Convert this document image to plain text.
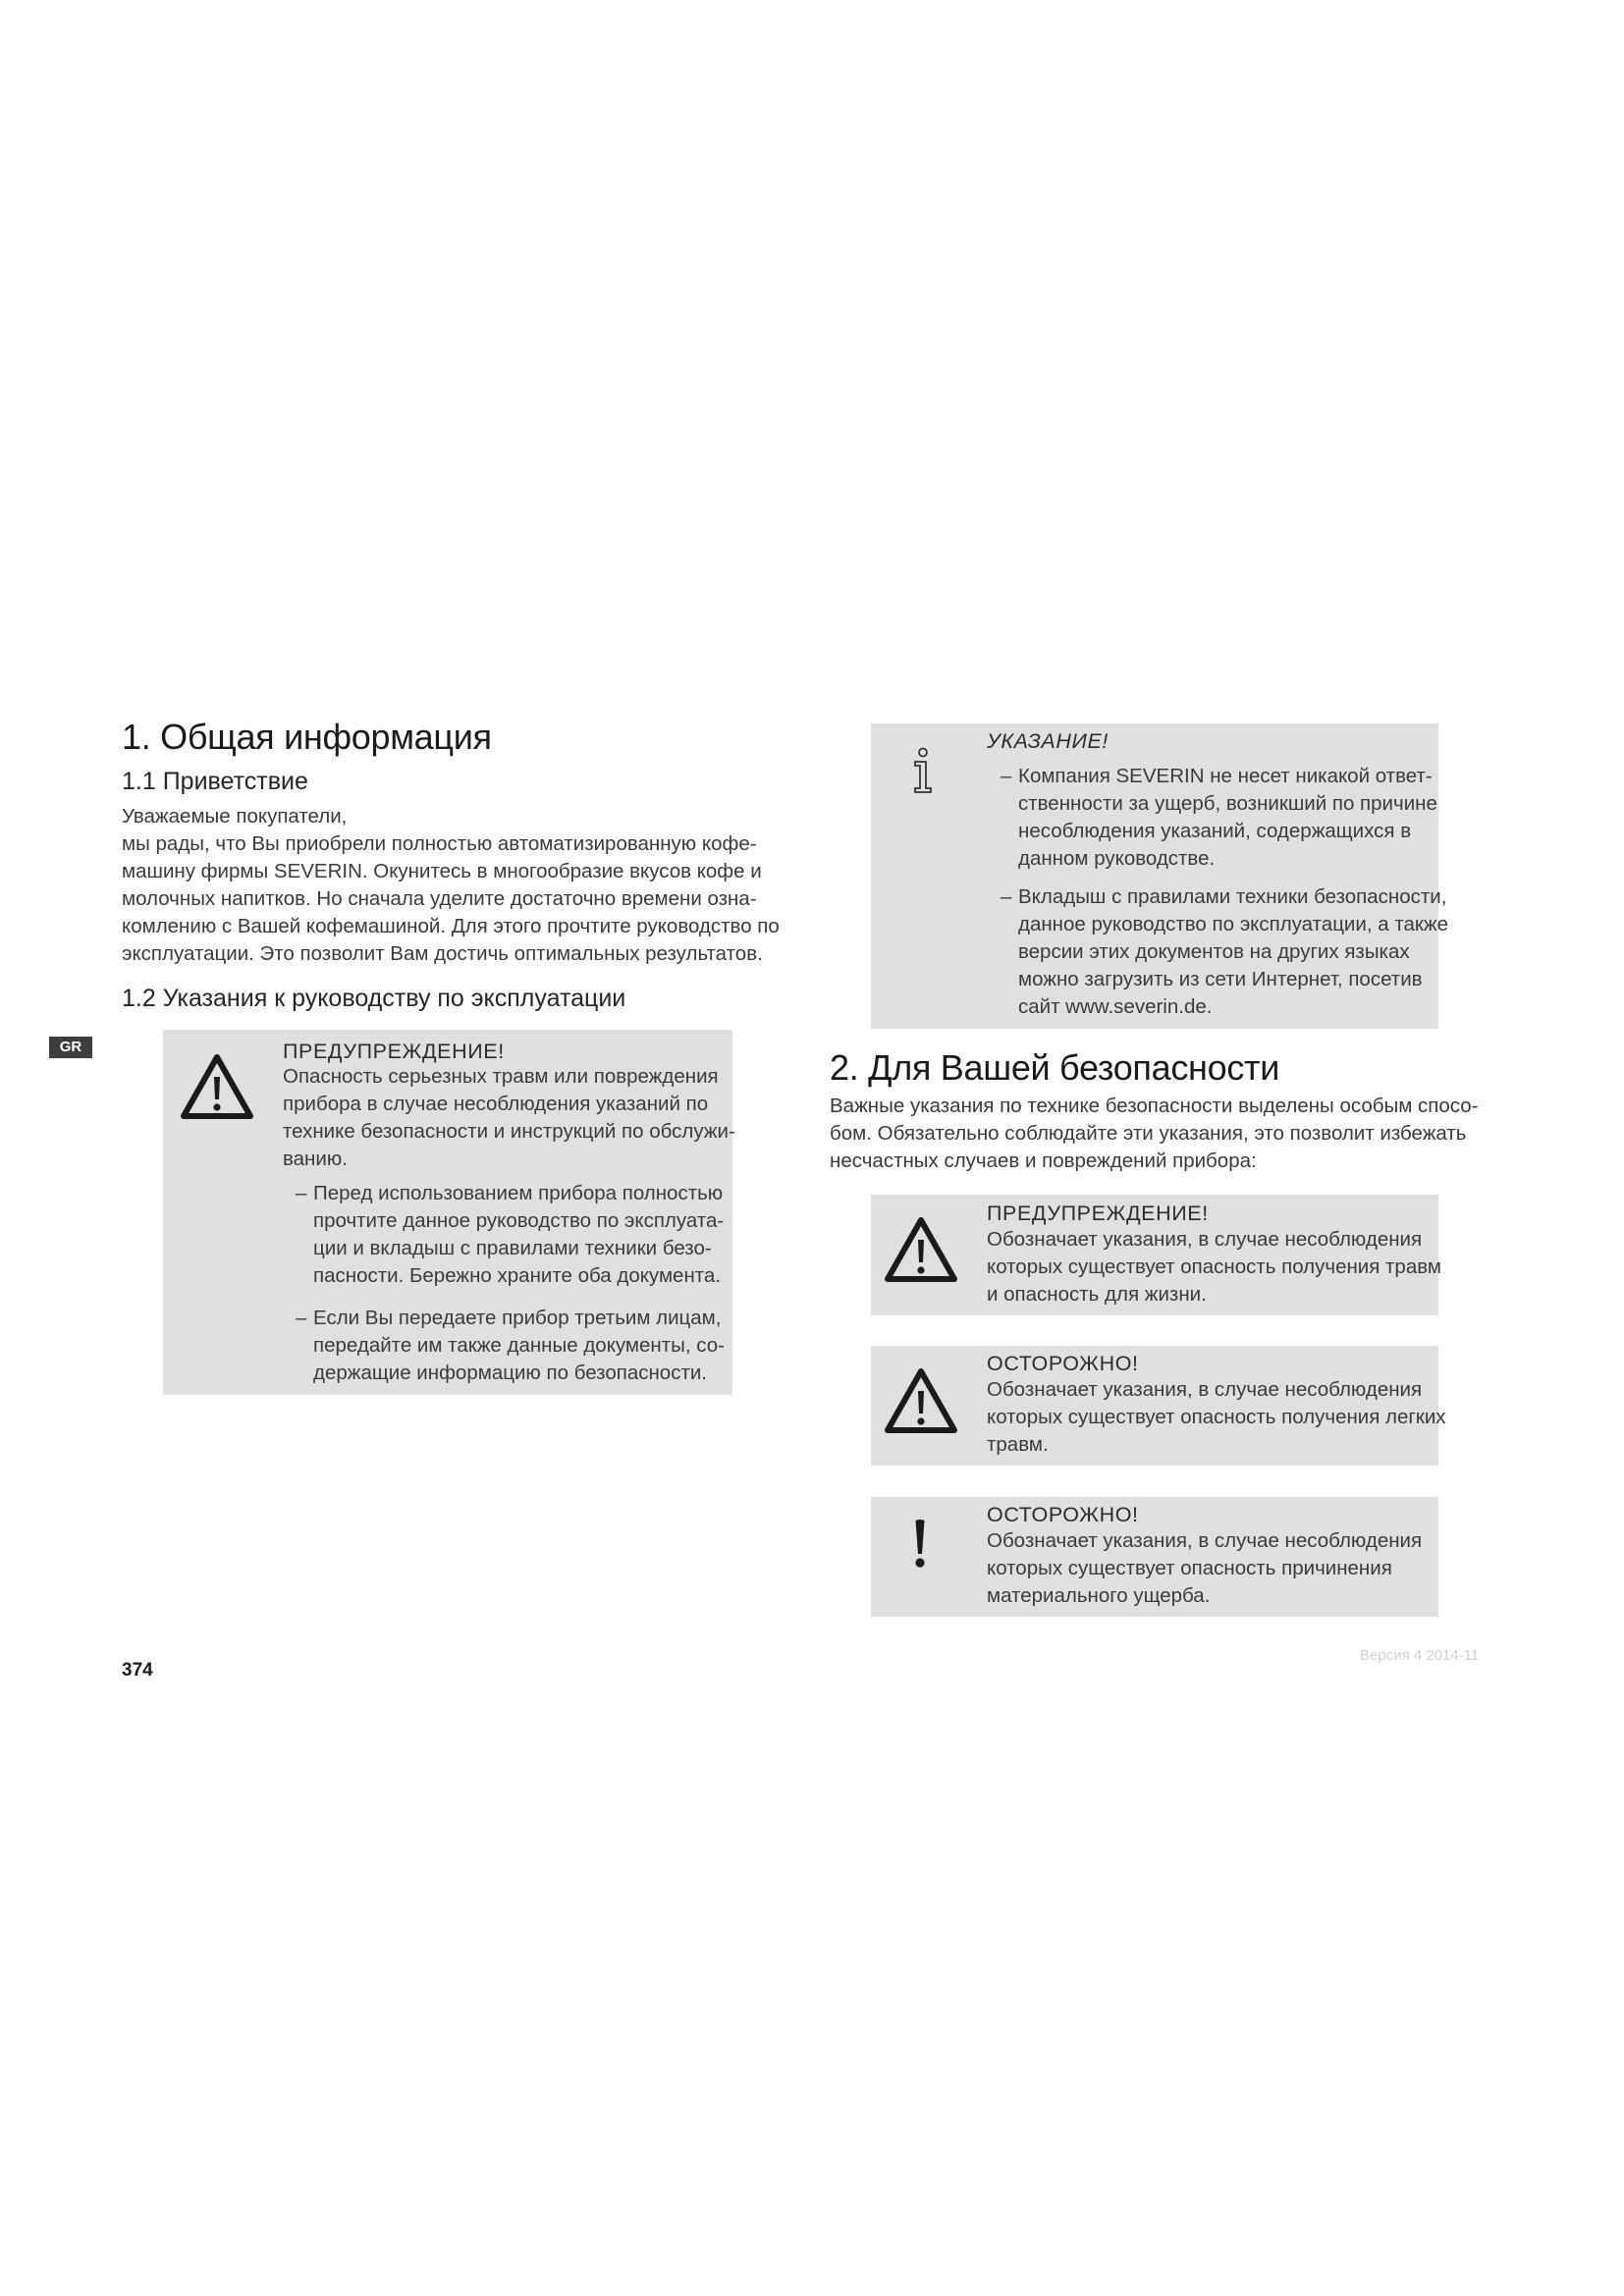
GR
1. Общая информация
1.1 Приветствие
Уважаемые покупатели,
мы рады, что Вы приобрели полностью автоматизированную кофе-
машину фирмы SEVERIN. Окунитесь в многообразие вкусов кофе и
молочных напитков. Но сначала уделите достаточно времени озна-
комлению с Вашей кофемашиной. Для этого прочтите руководство по
эксплуатации. Это позволит Вам достичь оптимальных результатов.
1.2 Указания к руководству по эксплуатации
ПРЕДУПРЕЖДЕНИЕ!
Опасность серьезных травм или повреждения
прибора в случае несоблюдения указаний по
технике безопасности и инструкций по обслужи-
ванию.
– Перед использованием прибора полностью
прочтите данное руководство по эксплуата-
ции и вкладыш с правилами техники безо-
пасности. Бережно храните оба документа.
– Если Вы передаете прибор третьим лицам,
передайте им также данные документы, со-
держащие информацию по безопасности.
УКАЗАНИЕ!
– Компания SEVERIN не несет никакой ответ-
ственности за ущерб, возникший по причине
несоблюдения указаний, содержащихся в
данном руководстве.
– Вкладыш с правилами техники безопасности,
данное руководство по эксплуатации, а также
версии этих документов на других языках
можно загрузить из сети Интернет, посетив
сайт www.severin.de.
2. Для Вашей безопасности
Важные указания по технике безопасности выделены особым спосо-
бом. Обязательно соблюдайте эти указания, это позволит избежать
несчастных случаев и повреждений прибора:
ПРЕДУПРЕЖДЕНИЕ!
Обозначает указания, в случае несоблюдения
которых существует опасность получения травм
и опасность для жизни.
ОСТОРОЖНО!
Обозначает указания, в случае несоблюдения
которых существует опасность получения легких
травм.
ОСТОРОЖНО!
Обозначает указания, в случае несоблюдения
которых существует опасность причинения
материального ущерба.
374
Версия 4 2014-11
